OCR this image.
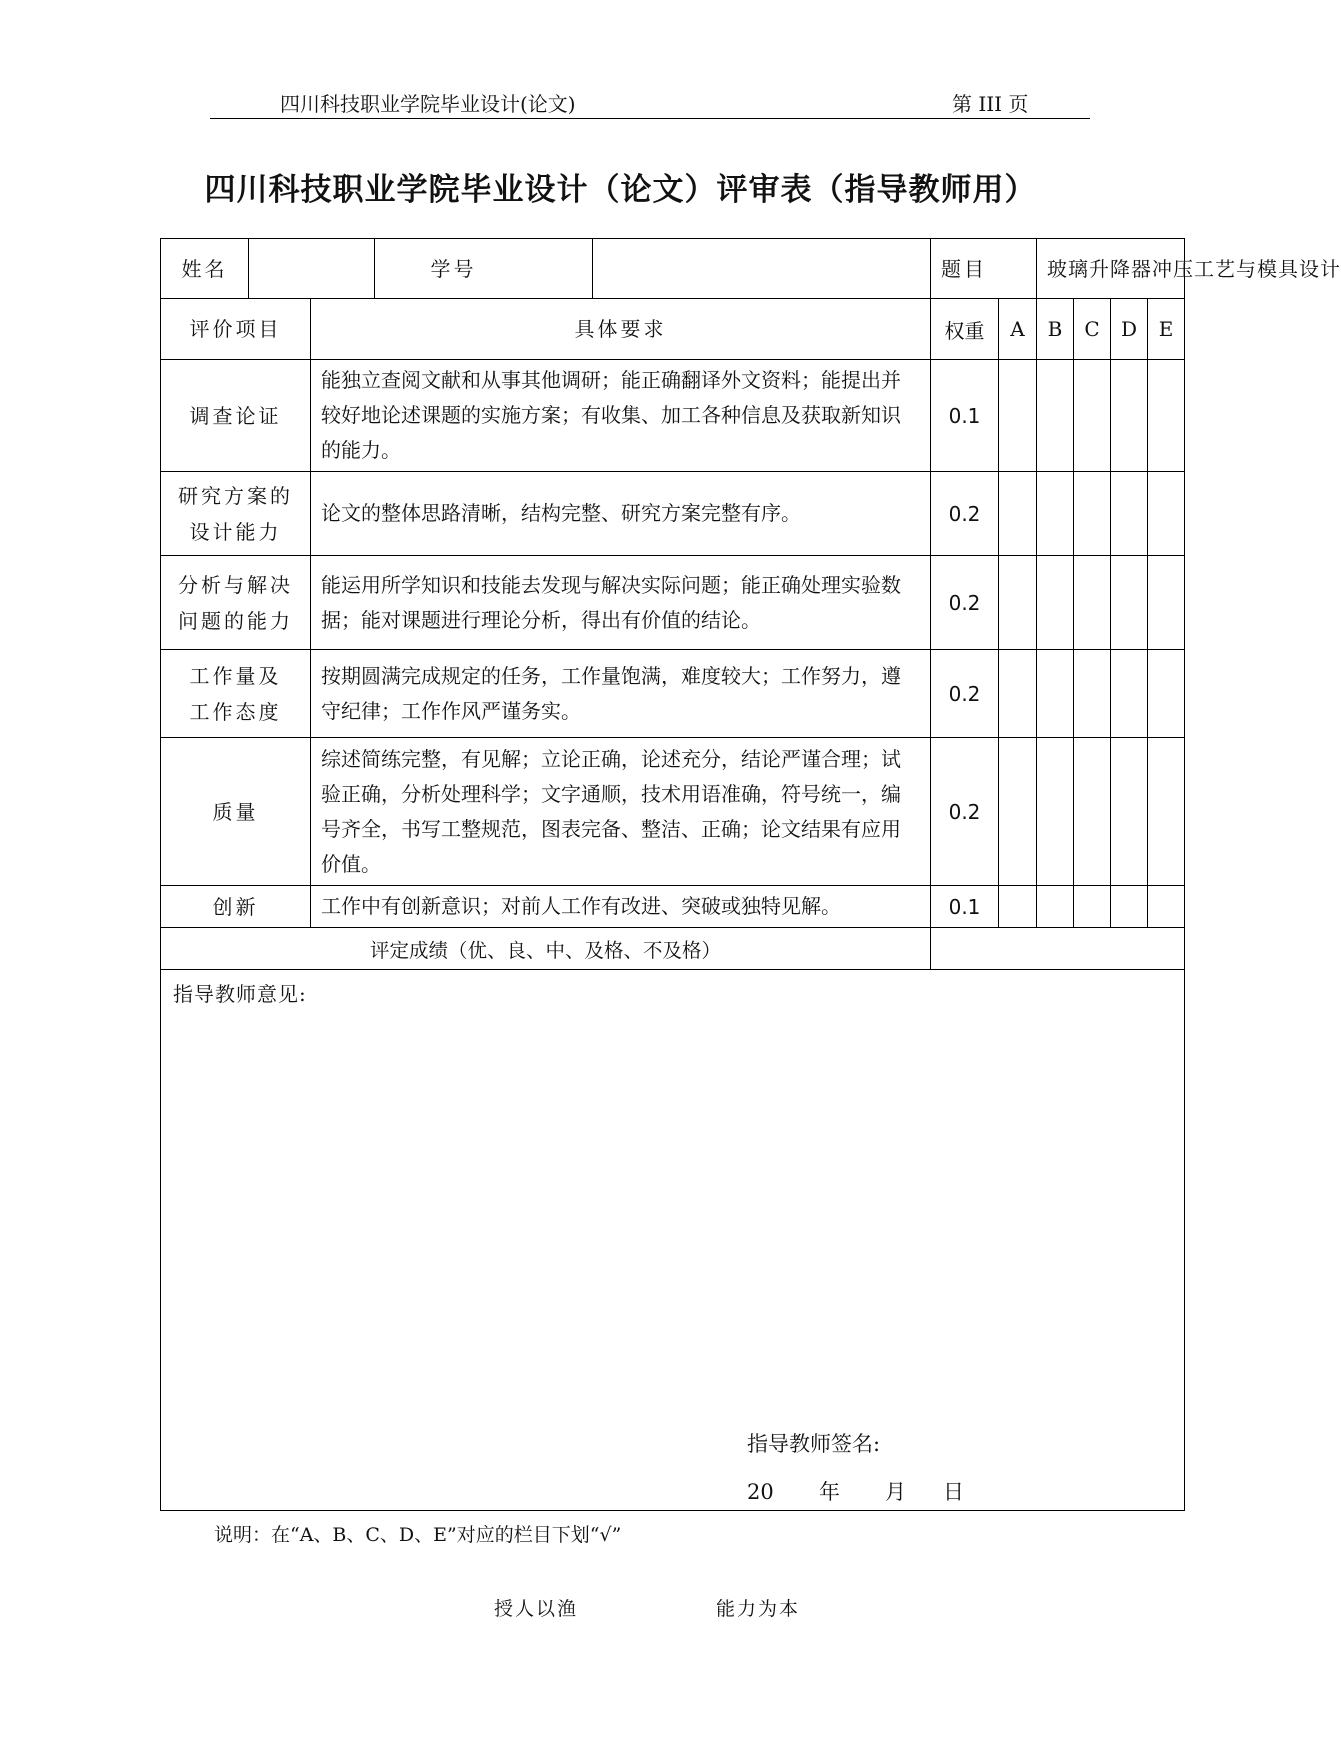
四川科技职业学院毕业设计(论文)	第 III 页
四川科技职业学院毕业设计（论文）评审表（指导教师用）
姓名			学号		题目		玻璃升降器冲压工艺与模具设计			
评价项目		具体要求			权重	A	B	C	D	E
调查论证		能独立查阅文献和从事其他调研；能正确翻译外文资料；能提出并较好地论述课题的实施方案；有收集、加工各种信息及获取新知识的能力。			0.1					
研究方案的设计能力		论文的整体思路清晰，结构完整、研究方案完整有序。			0.2					
分析与解决问题的能力		能运用所学知识和技能去发现与解决实际问题；能正确处理实验数据；能对课题进行理论分析，得出有价值的结论。			0.2					
工作量及工作态度		按期圆满完成规定的任务，工作量饱满，难度较大；工作努力，遵守纪律；工作作风严谨务实。			0.2					
质量		综述简练完整，有见解；立论正确，论述充分，结论严谨合理；试验正确，分析处理科学；文字通顺，技术用语准确，符号统一，编号齐全，书写工整规范，图表完备、整洁、正确；论文结果有应用价值。			0.2					
创新		工作中有创新意识；对前人工作有改进、突破或独特见解。			0.1					
评定成绩（优、良、中、及格、不及格）										

指导教师意见:
指导教师签名:
20 年 月 日										
说明：在“A、B、C、D、E”对应的栏目下划“√”
授人以渔	能力为本
